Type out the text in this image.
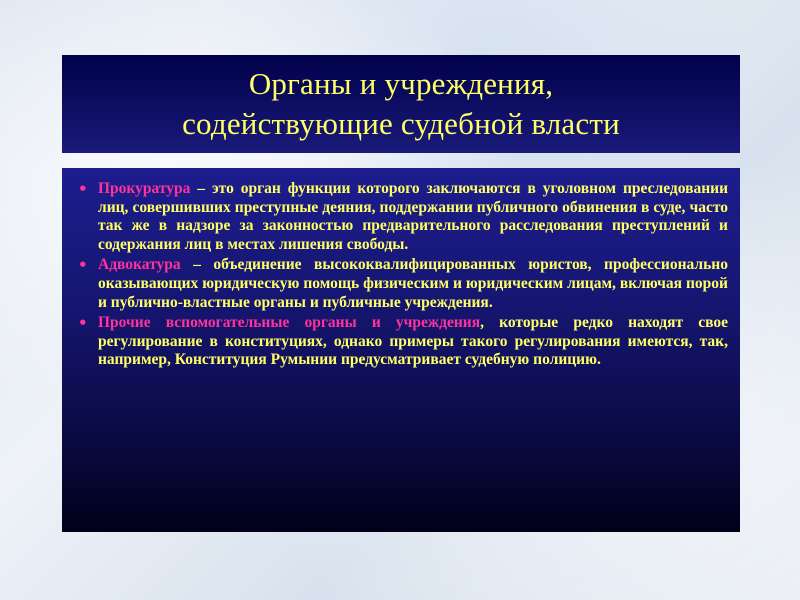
Органы и учреждения,
содействующие судебной власти
• Прокуратура – это орган функции которого заключаются в уголовном преследовании лиц, совершивших преступные деяния, поддержании публичного обвинения в суде, часто так же в надзоре за законностью предварительного расследования преступлений и содержания лиц в местах лишения свободы.
• Адвокатура – объединение высококвалифицированных юристов, профессионально оказывающих юридическую помощь физическим и юридическим лицам, включая порой и публично-властные органы и публичные учреждения.
• Прочие вспомогательные органы и учреждения, которые редко находят свое регулирование в конституциях, однако примеры такого регулирования имеются, так, например, Конституция Румынии предусматривает судебную полицию.
